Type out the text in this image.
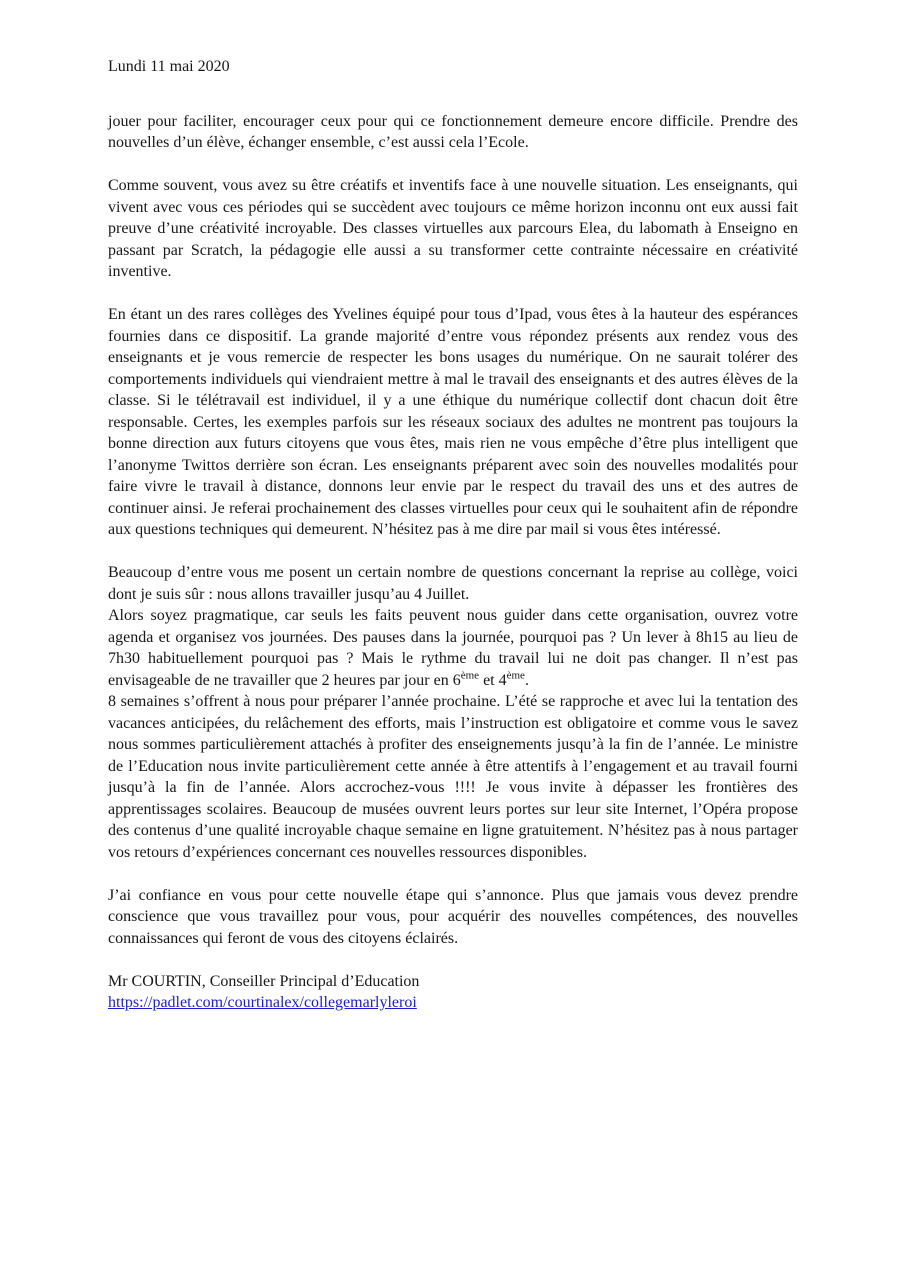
Lundi 11 mai 2020

jouer pour faciliter, encourager ceux pour qui ce fonctionnement demeure encore difficile. Prendre des nouvelles d’un élève, échanger ensemble, c’est aussi cela l’Ecole.

Comme souvent, vous avez su être créatifs et inventifs face à une nouvelle situation. Les enseignants, qui vivent avec vous ces périodes qui se succèdent avec toujours ce même horizon inconnu ont eux aussi fait preuve d’une créativité incroyable. Des classes virtuelles aux parcours Elea, du labomath à Enseigno en passant par Scratch, la pédagogie elle aussi a su transformer cette contrainte nécessaire en créativité inventive.

En étant un des rares collèges des Yvelines équipé pour tous d’Ipad, vous êtes à la hauteur des espérances fournies dans ce dispositif. La grande majorité d’entre vous répondez présents aux rendez vous des enseignants et je vous remercie de respecter les bons usages du numérique. On ne saurait tolérer des comportements individuels qui viendraient mettre à mal le travail des enseignants et des autres élèves de la classe. Si le télétravail est individuel, il y a une éthique du numérique collectif dont chacun doit être responsable. Certes, les exemples parfois sur les réseaux sociaux des adultes ne montrent pas toujours la bonne direction aux futurs citoyens que vous êtes, mais rien ne vous empêche d’être plus intelligent que l’anonyme Twittos derrière son écran. Les enseignants préparent avec soin des nouvelles modalités pour faire vivre le travail à distance, donnons leur envie par le respect du travail des uns et des autres de continuer ainsi. Je referai prochainement des classes virtuelles pour ceux qui le souhaitent afin de répondre aux questions techniques qui demeurent. N’hésitez pas à me dire par mail si vous êtes intéressé.

Beaucoup d’entre vous me posent un certain nombre de questions concernant la reprise au collège, voici dont je suis sûr : nous allons travailler jusqu’au 4 Juillet.

Alors soyez pragmatique, car seuls les faits peuvent nous guider dans cette organisation, ouvrez votre agenda et organisez vos journées. Des pauses dans la journée, pourquoi pas ? Un lever à 8h15 au lieu de 7h30 habituellement pourquoi pas ? Mais le rythme du travail lui ne doit pas changer. Il n’est pas envisageable de ne travailler que 2 heures par jour en 6ème et 4ème.

8 semaines s’offrent à nous pour préparer l’année prochaine. L’été se rapproche et avec lui la tentation des vacances anticipées, du relâchement des efforts, mais l’instruction est obligatoire et comme vous le savez nous sommes particulièrement attachés à profiter des enseignements jusqu’à la fin de l’année. Le ministre de l’Education nous invite particulièrement cette année à être attentifs à l’engagement et au travail fourni jusqu’à la fin de l’année. Alors accrochez-vous !!!! Je vous invite à dépasser les frontières des apprentissages scolaires. Beaucoup de musées ouvrent leurs portes sur leur site Internet, l’Opéra propose des contenus d’une qualité incroyable chaque semaine en ligne gratuitement. N’hésitez pas à nous partager vos retours d’expériences concernant ces nouvelles ressources disponibles.

J’ai confiance en vous pour cette nouvelle étape qui s’annonce. Plus que jamais vous devez prendre conscience que vous travaillez pour vous, pour acquérir des nouvelles compétences, des nouvelles connaissances qui feront de vous des citoyens éclairés.

Mr COURTIN, Conseiller Principal d’Education

https://padlet.com/courtinalex/collegemarlyleroi
